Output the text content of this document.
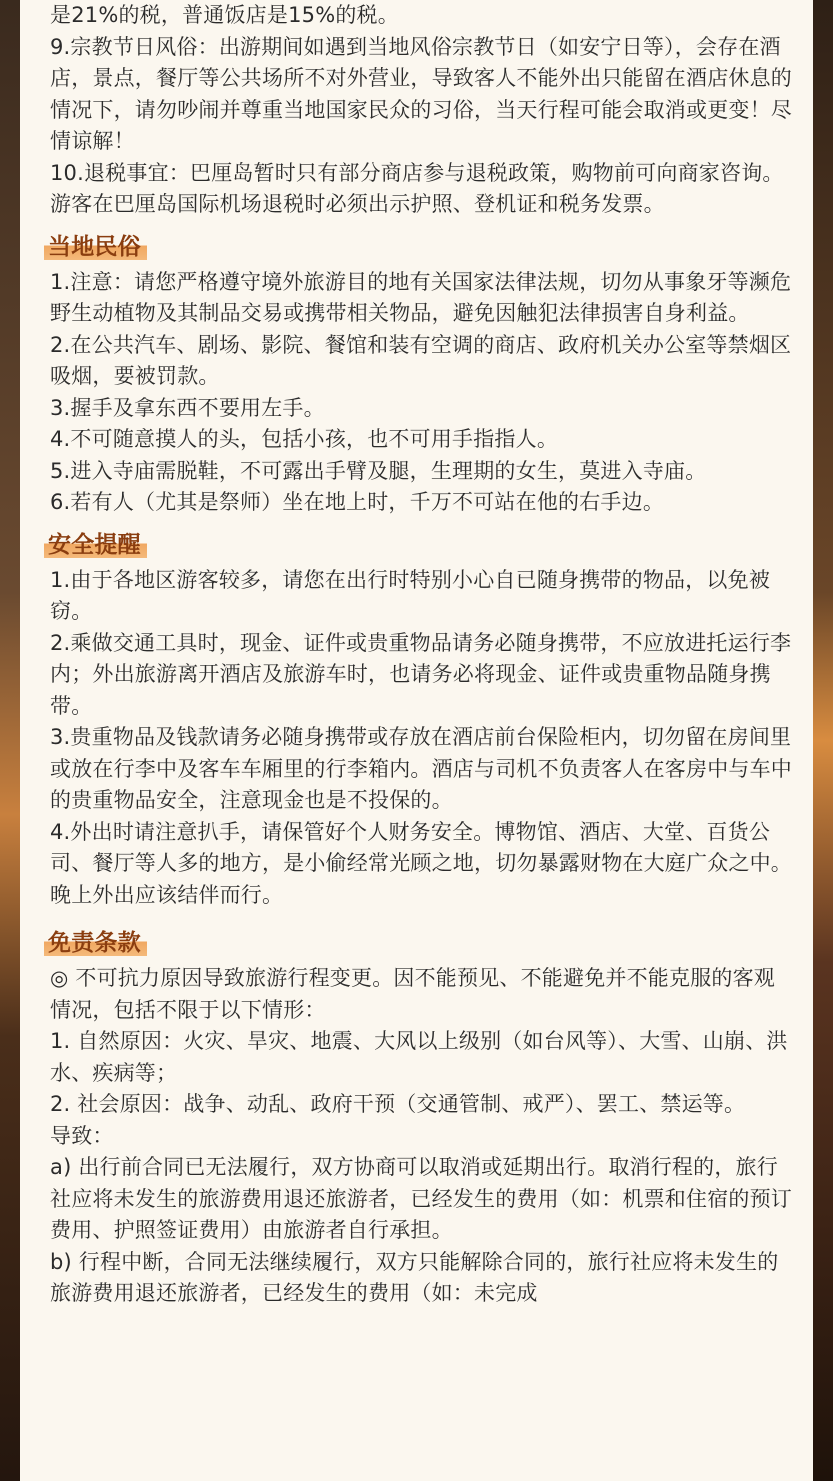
是21%的税，普通饭店是15%的税。

9.宗教节日风俗：出游期间如遇到当地风俗宗教节日（如安宁日等），会存在酒店，景点，餐厅等公共场所不对外营业，导致客人不能外出只能留在酒店休息的情况下，请勿吵闹并尊重当地国家民众的习俗，当天行程可能会取消或更变！尽情谅解！

10.退税事宜：巴厘岛暂时只有部分商店参与退税政策，购物前可向商家咨询。游客在巴厘岛国际机场退税时必须出示护照、登机证和税务发票。

当地民俗

1.注意：请您严格遵守境外旅游目的地有关国家法律法规，切勿从事象牙等濒危野生动植物及其制品交易或携带相关物品，避免因触犯法律损害自身利益。

2.在公共汽车、剧场、影院、餐馆和装有空调的商店、政府机关办公室等禁烟区吸烟，要被罚款。

3.握手及拿东西不要用左手。

4.不可随意摸人的头，包括小孩，也不可用手指指人。

5.进入寺庙需脱鞋，不可露出手臂及腿，生理期的女生，莫进入寺庙。

6.若有人（尤其是祭师）坐在地上时，千万不可站在他的右手边。

安全提醒

1.由于各地区游客较多，请您在出行时特别小心自已随身携带的物品，以免被窃。

2.乘做交通工具时，现金、证件或贵重物品请务必随身携带，不应放进托运行李内；外出旅游离开酒店及旅游车时，也请务必将现金、证件或贵重物品随身携带。

3.贵重物品及钱款请务必随身携带或存放在酒店前台保险柜内，切勿留在房间里或放在行李中及客车车厢里的行李箱内。酒店与司机不负责客人在客房中与车中的贵重物品安全，注意现金也是不投保的。

4.外出时请注意扒手，请保管好个人财务安全。博物馆、酒店、大堂、百货公司、餐厅等人多的地方，是小偷经常光顾之地，切勿暴露财物在大庭广众之中。晚上外出应该结伴而行。

免责条款

◎ 不可抗力原因导致旅游行程变更。因不能预见、不能避免并不能克服的客观情况，包括不限于以下情形：

1. 自然原因：火灾、旱灾、地震、大风以上级别（如台风等）、大雪、山崩、洪水、疾病等；

2. 社会原因：战争、动乱、政府干预（交通管制、戒严）、罢工、禁运等。

导致：

a) 出行前合同已无法履行，双方协商可以取消或延期出行。取消行程的，旅行社应将未发生的旅游费用退还旅游者，已经发生的费用（如：机票和住宿的预订费用、护照签证费用）由旅游者自行承担。

b) 行程中断，合同无法继续履行，双方只能解除合同的，旅行社应将未发生的旅游费用退还旅游者，已经发生的费用（如：未完成
